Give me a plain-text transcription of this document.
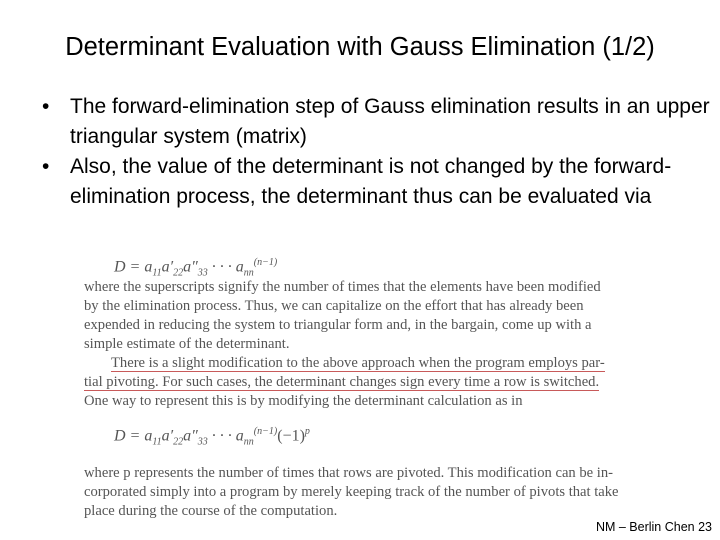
Determinant Evaluation with Gauss Elimination (1/2)
• The forward-elimination step of Gauss elimination results in an upper triangular system (matrix)
• Also, the value of the determinant is not changed by the forward-elimination process, the determinant thus can be evaluated via
$D = a_{11}a'_{22}a''_{33}$ · · · $a_{nn}^{(n-1)}$
where the superscripts signify the number of times that the elements have been modified
by the elimination process. Thus, we can capitalize on the effort that has already been
expended in reducing the system to triangular form and, in the bargain, come up with a
simple estimate of the determinant.
There is a slight modification to the above approach when the program employs par-
tial pivoting. For such cases, the determinant changes sign every time a row is switched.
One way to represent this is by modifying the determinant calculation as in
$D = a_{11}a'_{22}a''_{33}$ · · · $a_{nn}^{(n-1)}(-1)^p$
where p represents the number of times that rows are pivoted. This modification can be in-
corporated simply into a program by merely keeping track of the number of pivots that take
place during the course of the computation.
NM – Berlin Chen 23
